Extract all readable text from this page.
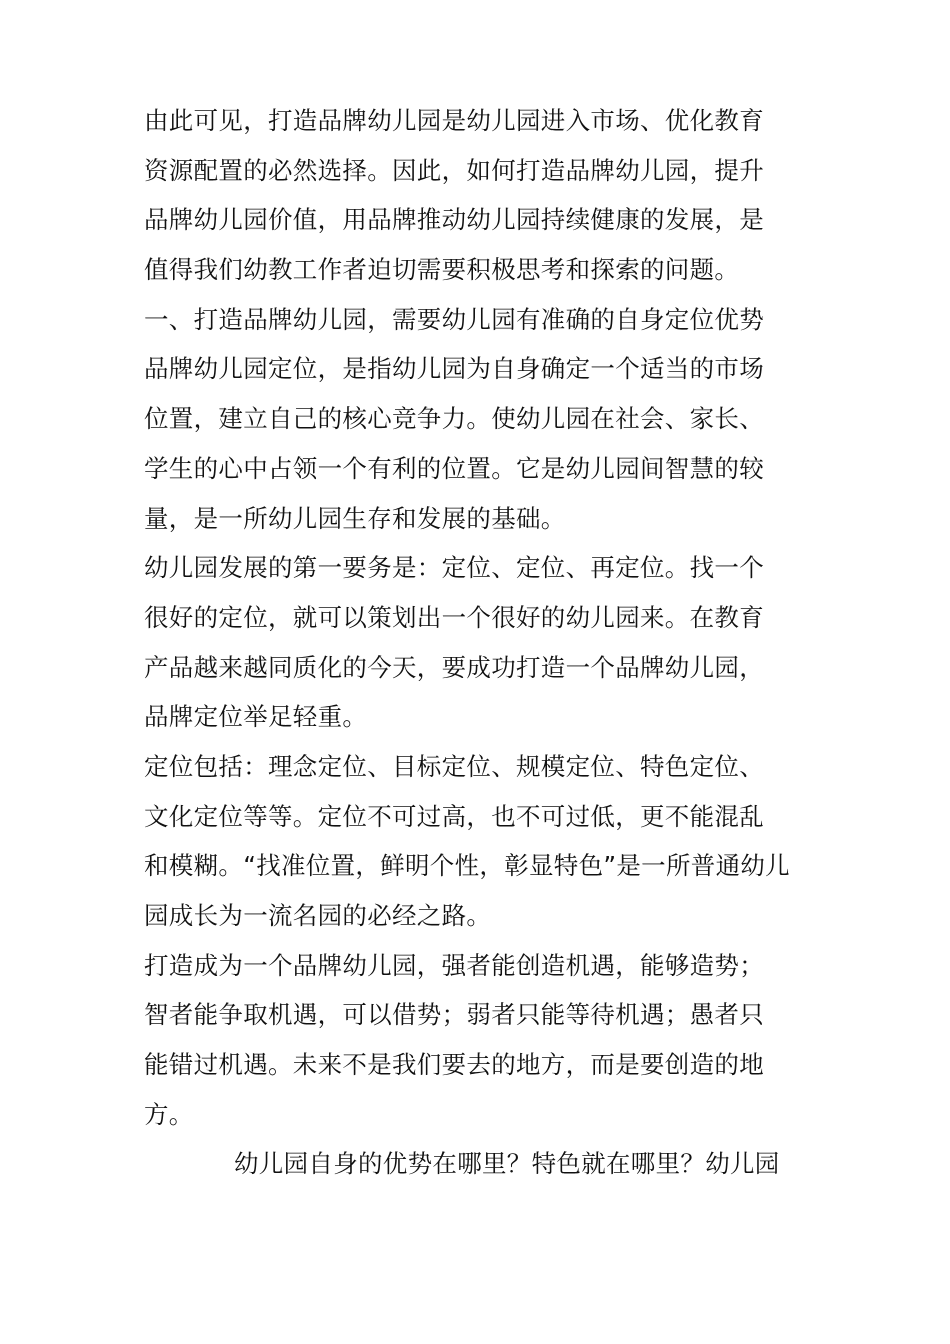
由此可见，打造品牌幼儿园是幼儿园进入市场、优化教育
资源配置的必然选择。因此，如何打造品牌幼儿园，提升
品牌幼儿园价值，用品牌推动幼儿园持续健康的发展，是
值得我们幼教工作者迫切需要积极思考和探索的问题。
一、打造品牌幼儿园，需要幼儿园有准确的自身定位优势
品牌幼儿园定位，是指幼儿园为自身确定一个适当的市场
位置，建立自己的核心竞争力。使幼儿园在社会、家长、
学生的心中占领一个有利的位置。它是幼儿园间智慧的较
量，是一所幼儿园生存和发展的基础。
幼儿园发展的第一要务是：定位、定位、再定位。找一个
很好的定位，就可以策划出一个很好的幼儿园来。在教育
产品越来越同质化的今天，要成功打造一个品牌幼儿园，
品牌定位举足轻重。
定位包括：理念定位、目标定位、规模定位、特色定位、
文化定位等等。定位不可过高，也不可过低，更不能混乱
和模糊。“找准位置，鲜明个性，彰显特色”是一所普通幼儿
园成长为一流名园的必经之路。
打造成为一个品牌幼儿园，强者能创造机遇，能够造势；
智者能争取机遇，可以借势；弱者只能等待机遇；愚者只
能错过机遇。未来不是我们要去的地方，而是要创造的地
方。
幼儿园自身的优势在哪里？特色就在哪里？幼儿园
